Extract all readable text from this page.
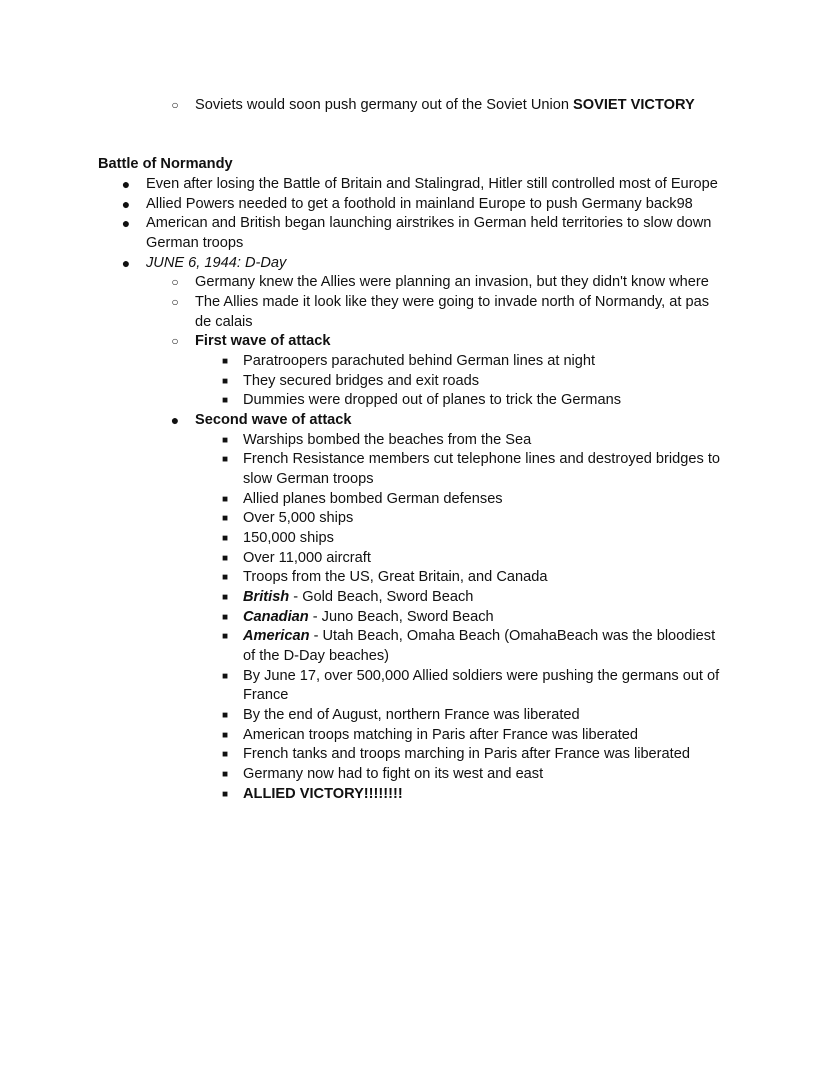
○ Soviets would soon push germany out of the Soviet Union SOVIET VICTORY
Battle of Normandy
● Even after losing the Battle of Britain and Stalingrad, Hitler still controlled most of Europe
● Allied Powers needed to get a foothold in mainland Europe to push Germany back98
● American and British began launching airstrikes in German held territories to slow down
German troops
● JUNE 6, 1944: D-Day
○ Germany knew the Allies were planning an invasion, but they didn't know where
○ The Allies made it look like they were going to invade north of Normandy, at pas
de calais
○ First wave of attack
■ Paratroopers parachuted behind German lines at night
■ They secured bridges and exit roads
■ Dummies were dropped out of planes to trick the Germans
● Second wave of attack
■ Warships bombed the beaches from the Sea
■ French Resistance members cut telephone lines and destroyed bridges to
slow German troops
■ Allied planes bombed German defenses
■ Over 5,000 ships
■ 150,000 ships
■ Over 11,000 aircraft
■ Troops from the US, Great Britain, and Canada
■ British - Gold Beach, Sword Beach
■ Canadian - Juno Beach, Sword Beach
■ American - Utah Beach, Omaha Beach (OmahaBeach was the bloodiest
of the D-Day beaches)
■ By June 17, over 500,000 Allied soldiers were pushing the germans out of
France
■ By the end of August, northern France was liberated
■ American troops matching in Paris after France was liberated
■ French tanks and troops marching in Paris after France was liberated
■ Germany now had to fight on its west and east
■ ALLIED VICTORY!!!!!!!!
